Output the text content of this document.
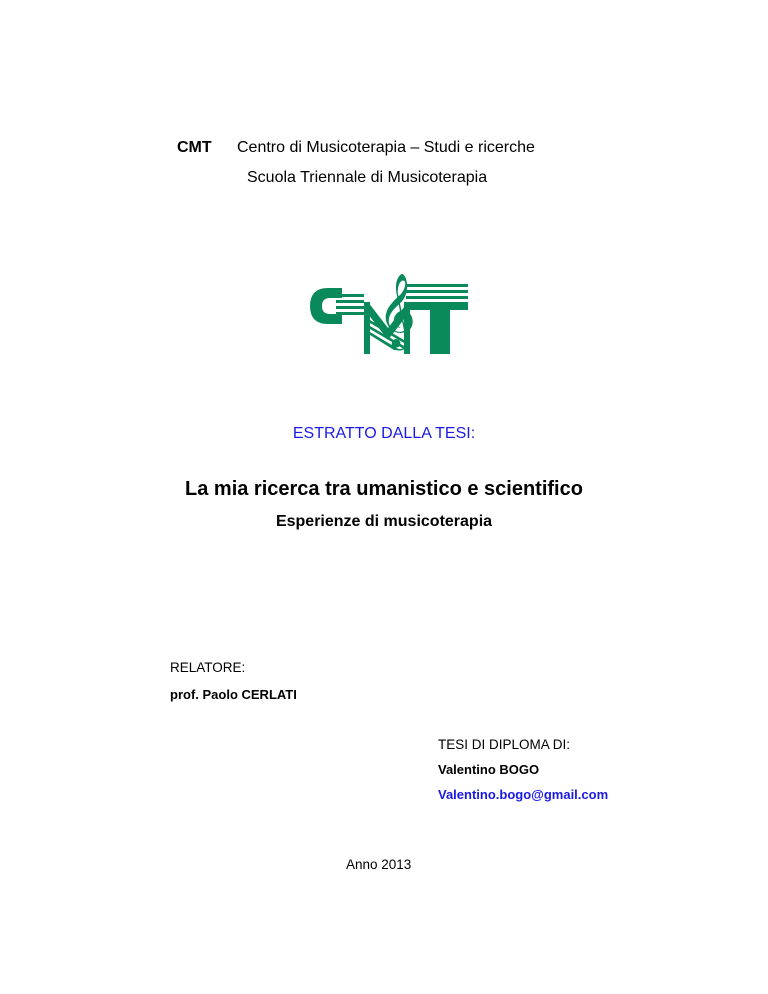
CMT Centro di Musicoterapia – Studi e ricerche
Scuola Triennale di Musicoterapia
𝄞
ESTRATTO DALLA TESI:
La mia ricerca tra umanistico e scientifico
Esperienze di musicoterapia
RELATORE:
prof. Paolo CERLATI
TESI DI DIPLOMA DI:
Valentino BOGO
Valentino.bogo@gmail.com
Anno 2013
